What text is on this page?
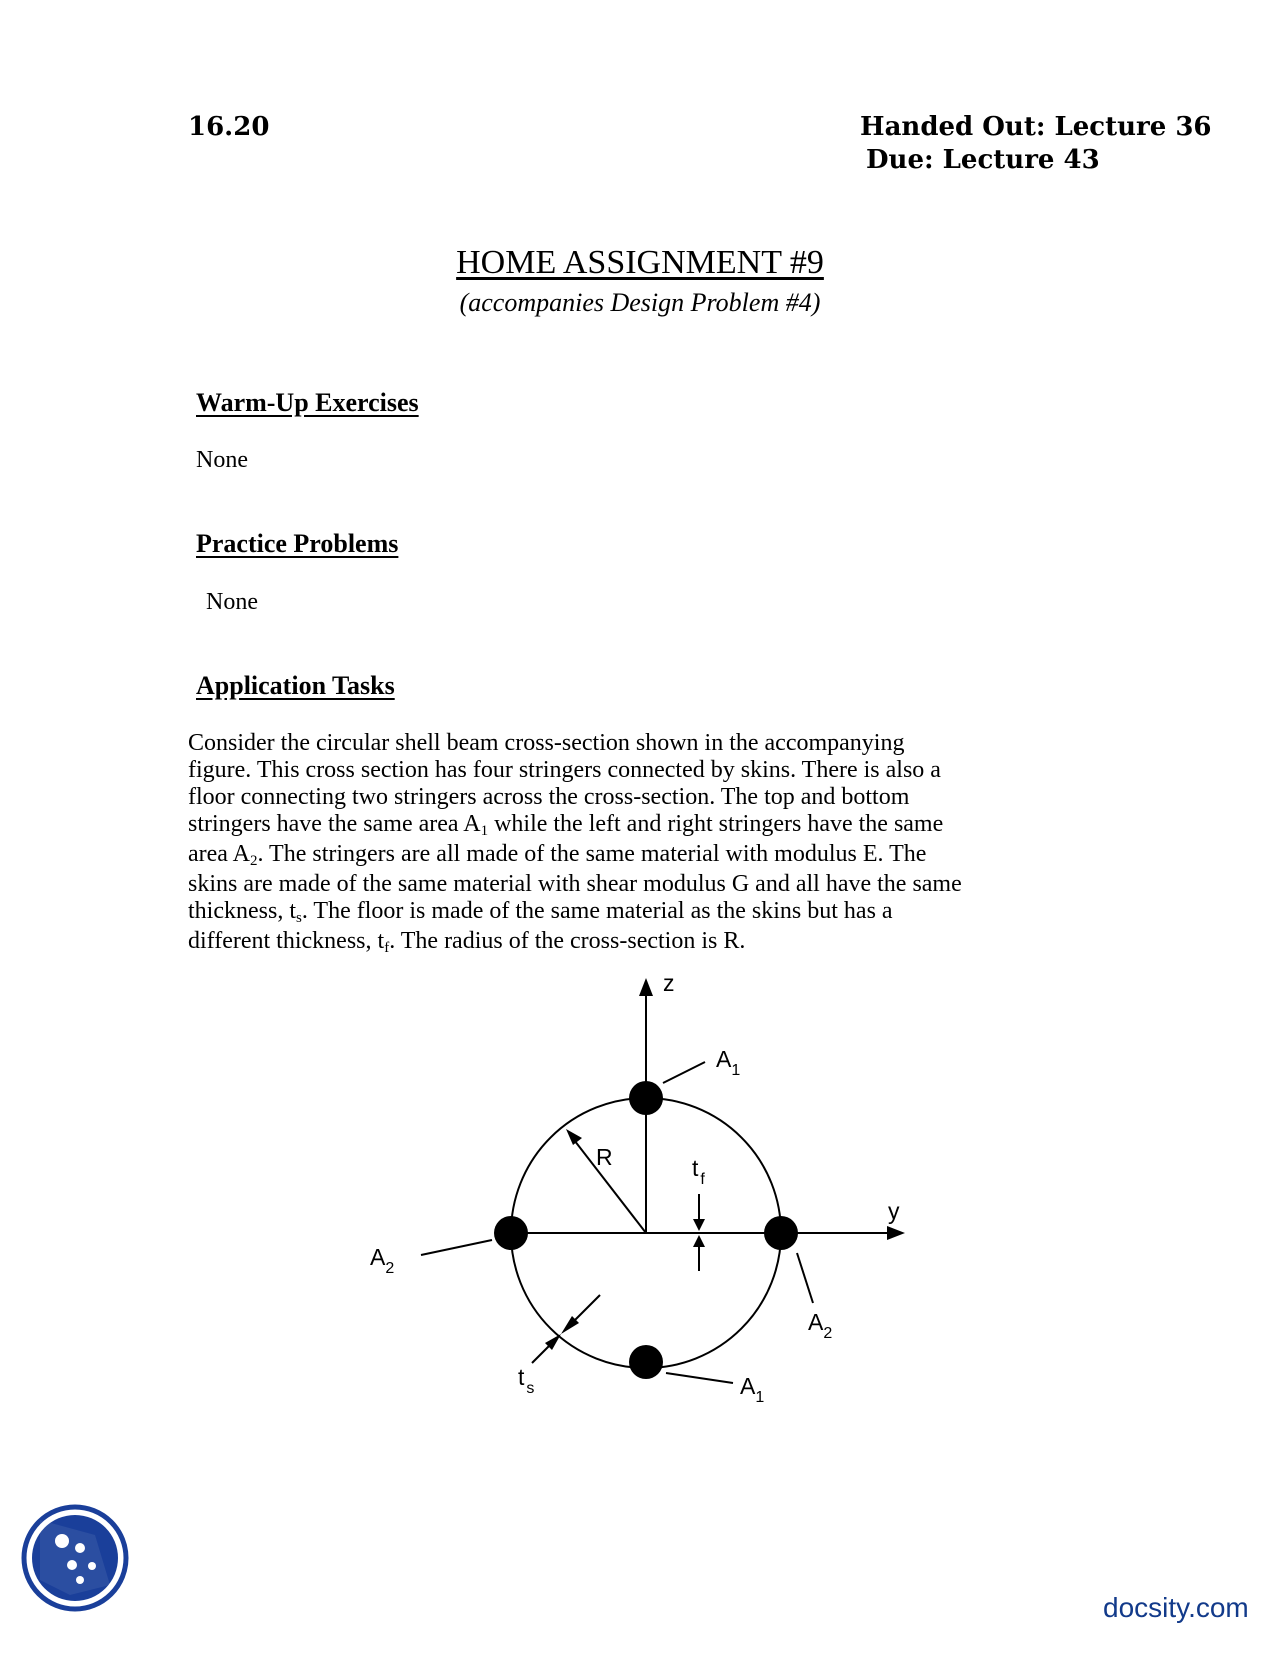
16.20	Handed Out: Lecture 36
Due: Lecture 43
HOME ASSIGNMENT #9
(accompanies Design Problem #4)
Warm-Up Exercises
None
Practice Problems
None
Application Tasks
Consider the circular shell beam cross-section shown in the accompanying
figure. This cross section has four stringers connected by skins. There is also a
floor connecting two stringers across the cross-section. The top and bottom
stringers have the same area $A_1$ while the left and right stringers have the same
area $A_2$. The stringers are all made of the same material with modulus E. The
skins are made of the same material with shear modulus G and all have the same
thickness, $t_s$. The floor is made of the same material as the skins but has a
different thickness, $t_f$. The radius of the cross-section is R.
z
y
R
$A_1$
$A_1$
$A_2$
$A_2$
t $_f$
t $_s$
docsity.com
